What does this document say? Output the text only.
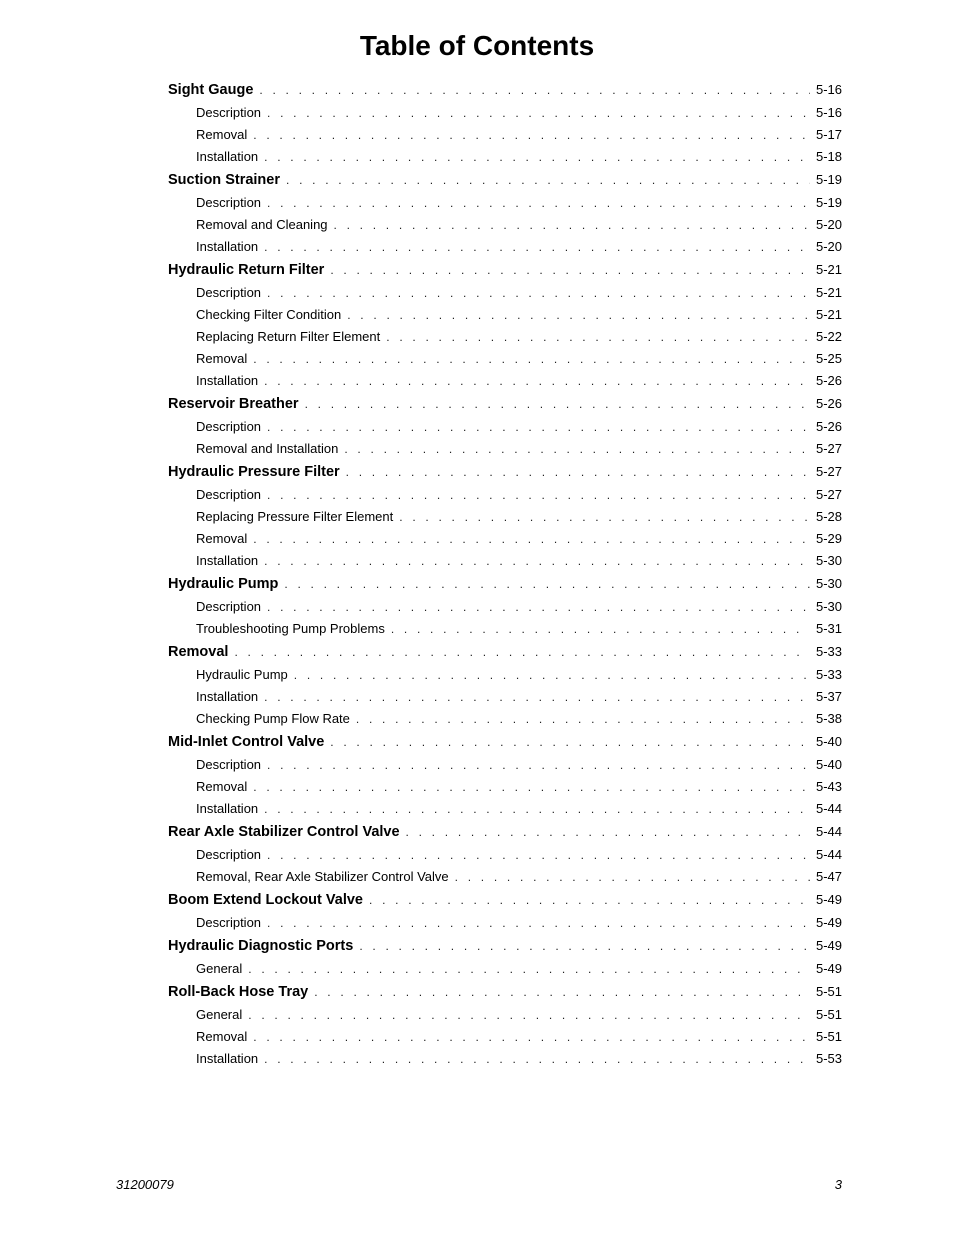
Table of Contents
Sight Gauge . . .	5-16
Description . . .	5-16
Removal . . .	5-17
Installation . . .	5-18
Suction Strainer . . .	5-19
Description . . .	5-19
Removal and Cleaning . . .	5-20
Installation . . .	5-20
Hydraulic Return Filter . . .	5-21
Description . . .	5-21
Checking Filter Condition . . .	5-21
Replacing Return Filter Element . . .	5-22
Removal . . .	5-25
Installation . . .	5-26
Reservoir Breather . . .	5-26
Description . . .	5-26
Removal and Installation . . .	5-27
Hydraulic Pressure Filter . . .	5-27
Description . . .	5-27
Replacing Pressure Filter Element . . .	5-28
Removal . . .	5-29
Installation . . .	5-30
Hydraulic Pump . . .	5-30
Description . . .	5-30
Troubleshooting Pump Problems . . .	5-31
Removal . . .	5-33
Hydraulic Pump . . .	5-33
Installation . . .	5-37
Checking Pump Flow Rate . . .	5-38
Mid-Inlet Control Valve . . .	5-40
Description . . .	5-40
Removal . . .	5-43
Installation . . .	5-44
Rear Axle Stabilizer Control Valve . . .	5-44
Description . . .	5-44
Removal, Rear Axle Stabilizer Control Valve . . .	5-47
Boom Extend Lockout Valve . . .	5-49
Description . . .	5-49
Hydraulic Diagnostic Ports . . .	5-49
General . . .	5-49
Roll-Back Hose Tray . . .	5-51
General . . .	5-51
Removal . . .	5-51
Installation . . .	5-53
31200079	3
